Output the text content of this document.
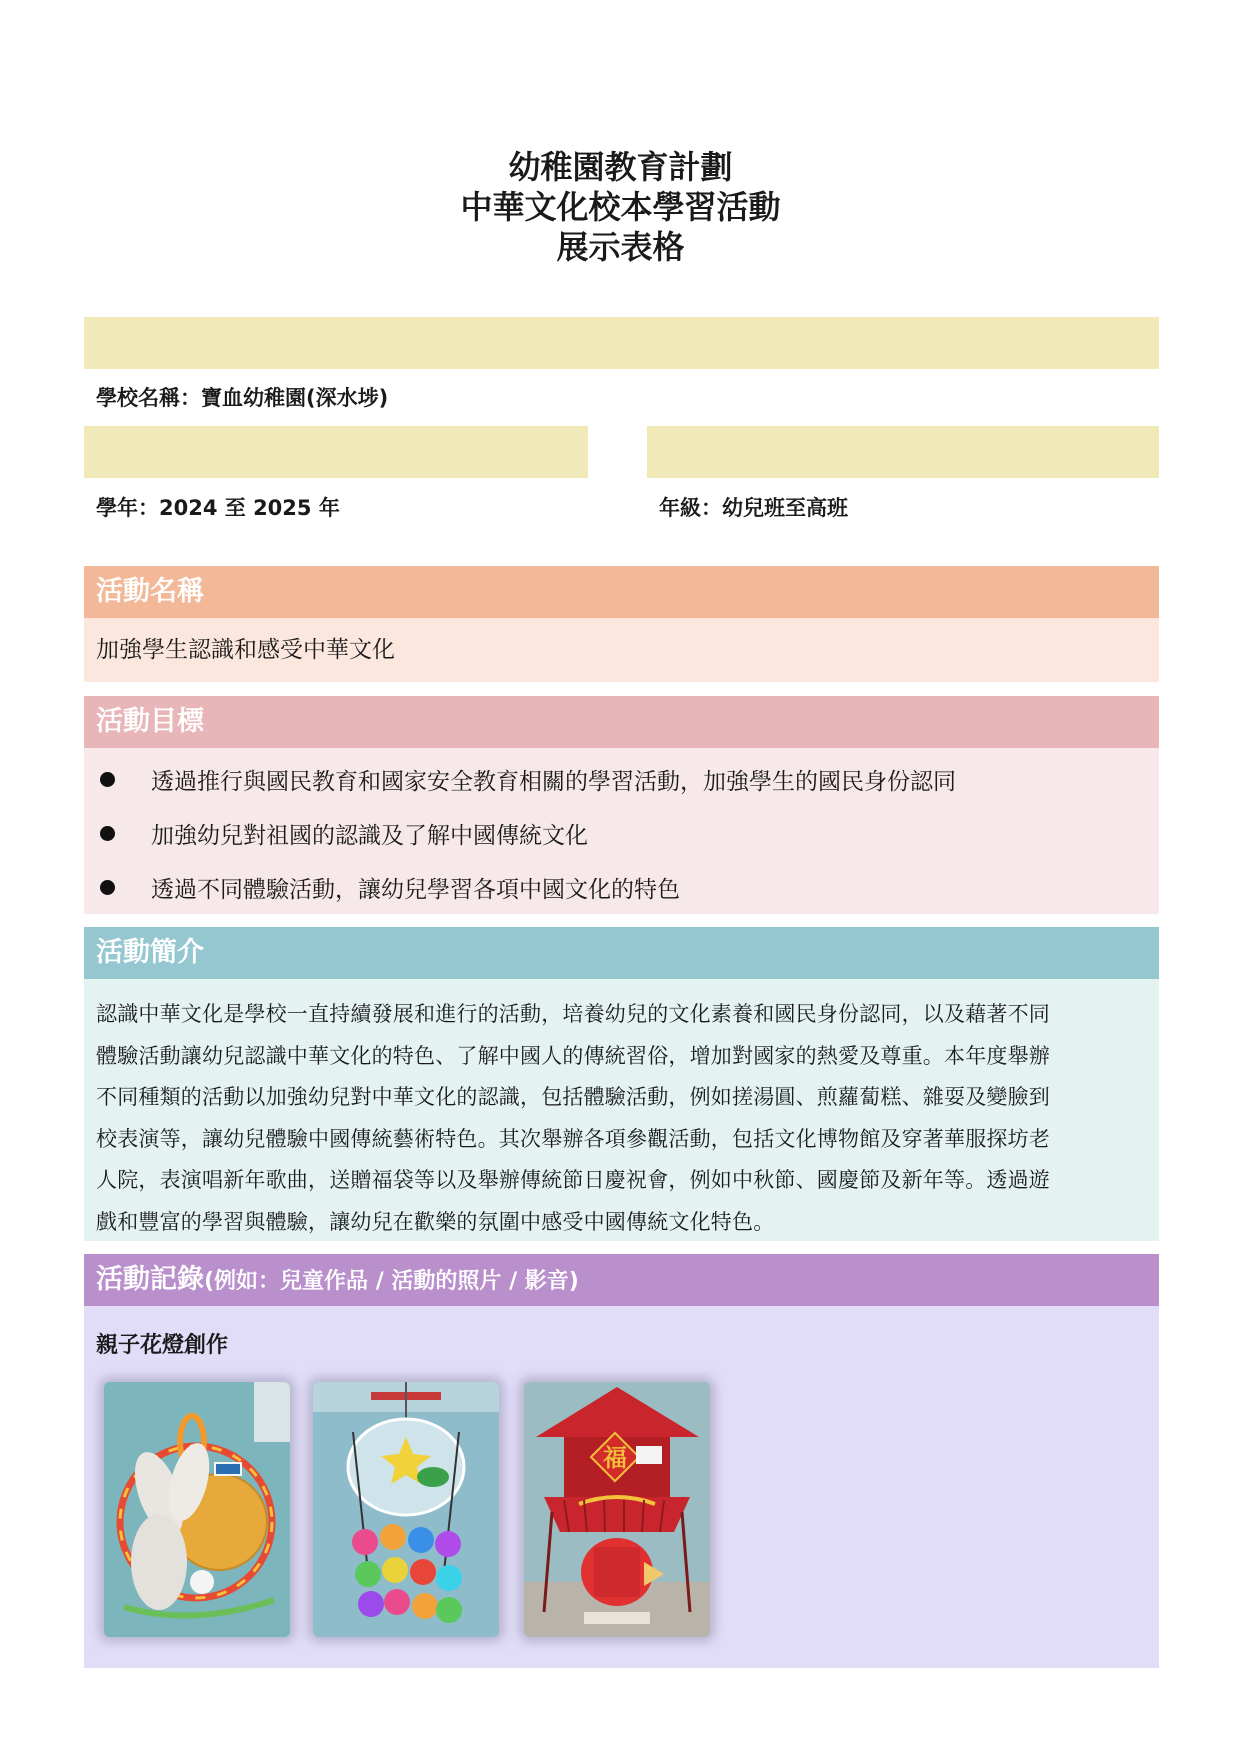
幼稚園教育計劃
中華文化校本學習活動
展示表格
學校名稱：寶血幼稚園(深水埗)
學年：2024 至 2025 年	年級：幼兒班至高班
活動名稱
加強學生認識和感受中華文化
活動目標
透過推行與國民教育和國家安全教育相關的學習活動，加強學生的國民身份認同
加強幼兒對祖國的認識及了解中國傳統文化
透過不同體驗活動，讓幼兒學習各項中國文化的特色
活動簡介
認識中華文化是學校一直持續發展和進行的活動，培養幼兒的文化素養和國民身份認同，以及藉著不同
體驗活動讓幼兒認識中華文化的特色、了解中國人的傳統習俗，增加對國家的熱愛及尊重。本年度舉辦
不同種類的活動以加強幼兒對中華文化的認識，包括體驗活動，例如搓湯圓、煎蘿蔔糕、雜耍及變臉到
校表演等，讓幼兒體驗中國傳統藝術特色。其次舉辦各項參觀活動，包括文化博物館及穿著華服探坊老
人院，表演唱新年歌曲，送贈福袋等以及舉辦傳統節日慶祝會，例如中秋節、國慶節及新年等。透過遊
戲和豐富的學習與體驗，讓幼兒在歡樂的氛圍中感受中國傳統文化特色。
活動記錄(例如：兒童作品 / 活動的照片 / 影音)
親子花燈創作
福
